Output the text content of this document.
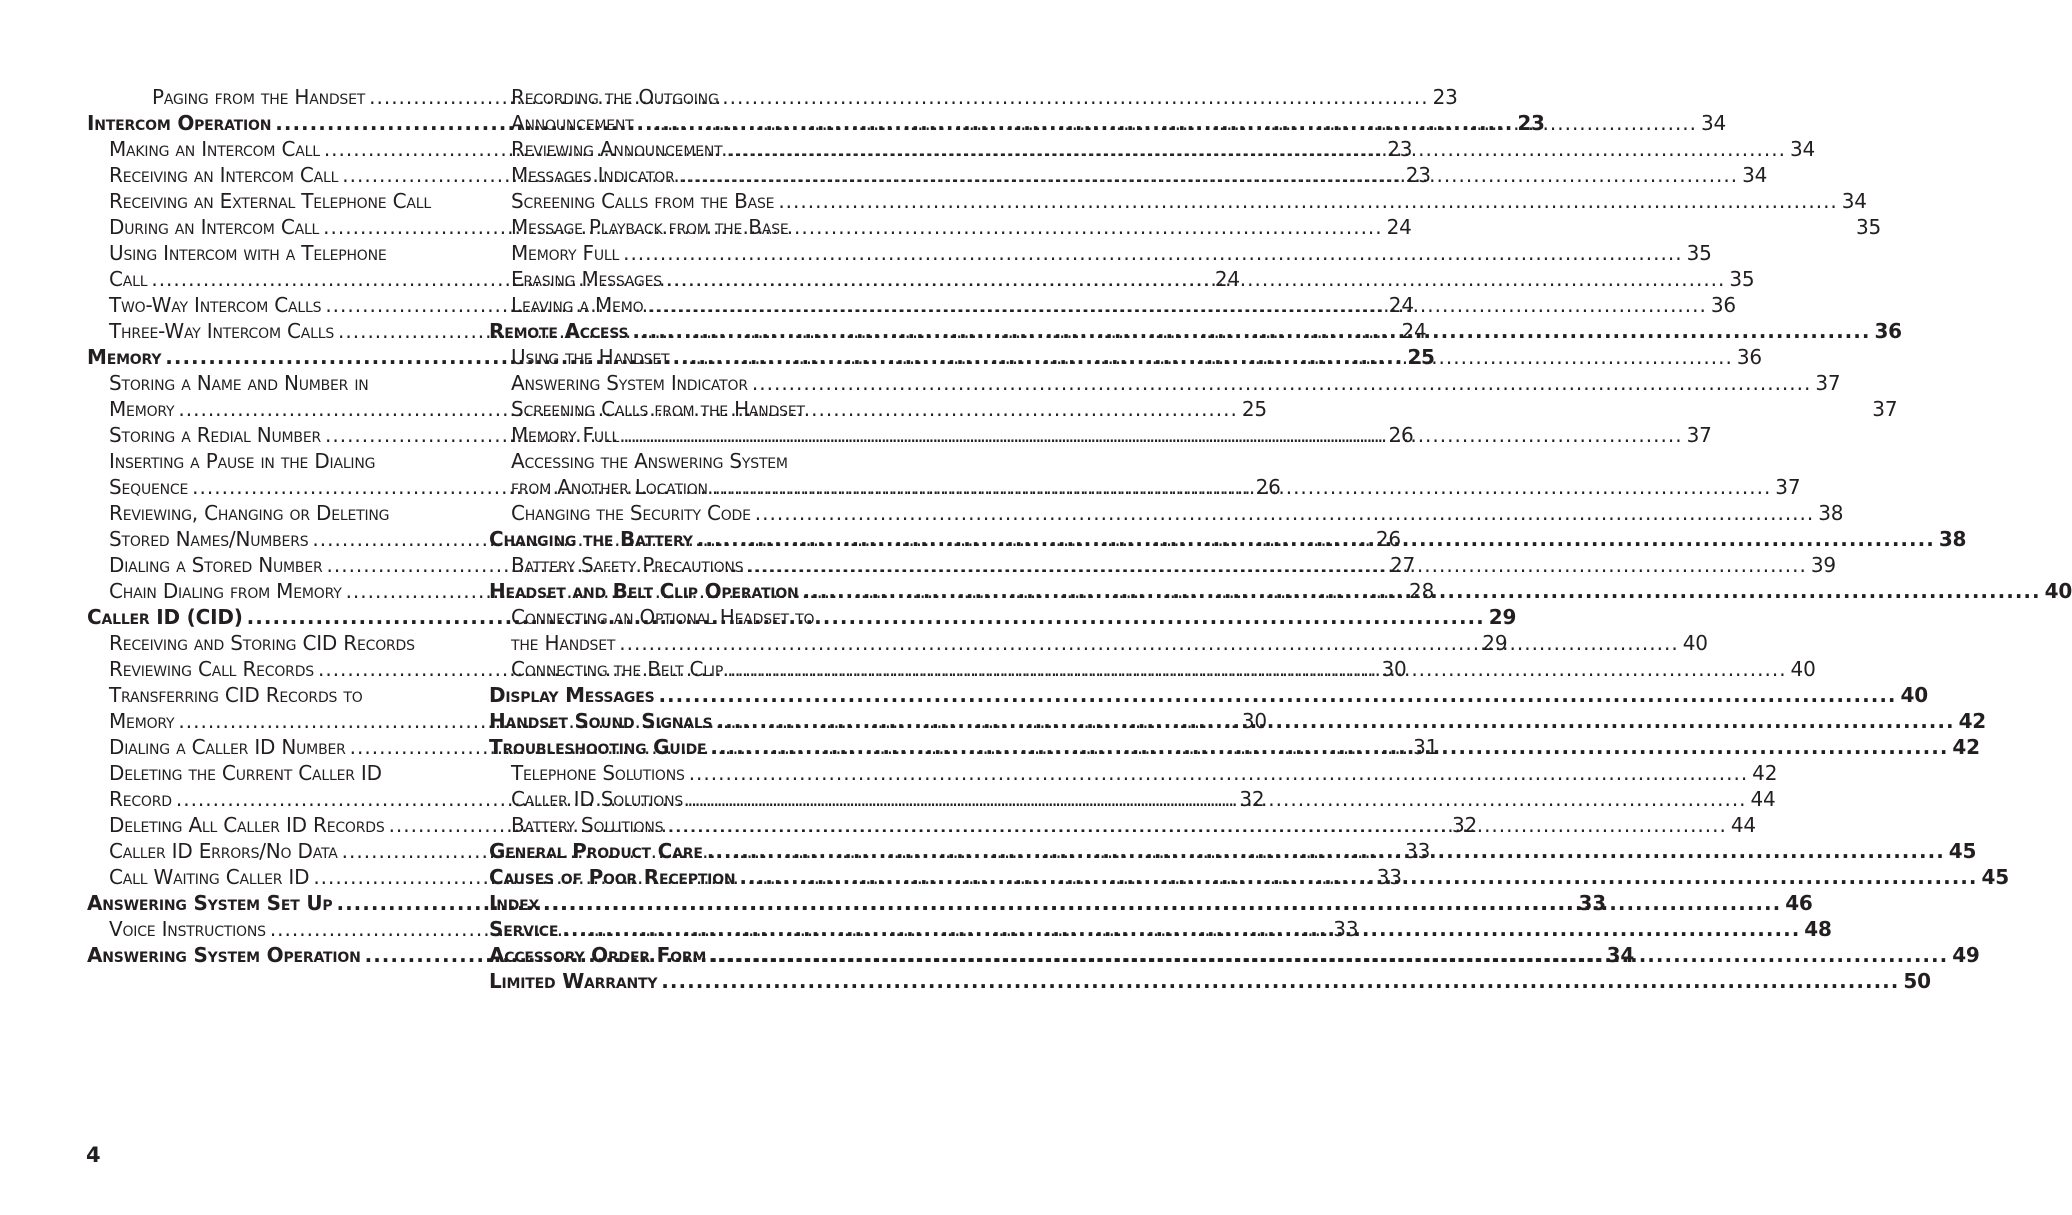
Paging from the Handset .....	23
Intercom Operation .....	23
Making an Intercom Call .....	23
Receiving an Intercom Call .....	23
Receiving an External Telephone Call
During an Intercom Call .....	24
Using Intercom with a Telephone
Call .....	24
Two-Way Intercom Calls .....	24
Three-Way Intercom Calls .....	24
Memory .....	25
Storing a Name and Number in
Memory .....	25
Storing a Redial Number .....	26
Inserting a Pause in the Dialing
Sequence .....	26
Reviewing, Changing or Deleting
Stored Names/Numbers .....	26
Dialing a Stored Number .....	27
Chain Dialing from Memory .....	28
Caller ID (CID) .....	29
Receiving and Storing CID Records	29
Reviewing Call Records .....	30
Transferring CID Records to
Memory .....	30
Dialing a Caller ID Number .....	31
Deleting the Current Caller ID
Record .....	32
Deleting All Caller ID Records .....	32
Caller ID Errors/No Data .....	33
Call Waiting Caller ID .....	33
Answering System Set Up .....	33
Voice Instructions .....	33
Answering System Operation .....	34
Recording the Outgoing
Announcement .....	34
Reviewing Announcement .....	34
Messages Indicator .....	34
Screening Calls from the Base .....	34
Message Playback from the Base	35
Memory Full .....	35
Erasing Messages .....	35
Leaving a Memo .....	36
Remote Access .....	36
Using the Handset .....	36
Answering System Indicator .....	37
Screening Calls from the Handset	37
Memory Full .....	37
Accessing the Answering System
from Another Location .....	37
Changing the Security Code .....	38
Changing the Battery .....	38
Battery Safety Precautions .....	39
Headset and Belt Clip Operation .....	40
Connecting an Optional Headset to
the Handset .....	40
Connecting the Belt Clip .....	40
Display Messages .....	40
Handset Sound Signals .....	42
Troubleshooting Guide .....	42
Telephone Solutions .....	42
Caller ID Solutions .....	44
Battery Solutions .....	44
General Product Care .....	45
Causes of Poor Reception .....	45
Index .....	46
Service .....	48
Accessory Order Form .....	49
Limited Warranty .....	50
4
